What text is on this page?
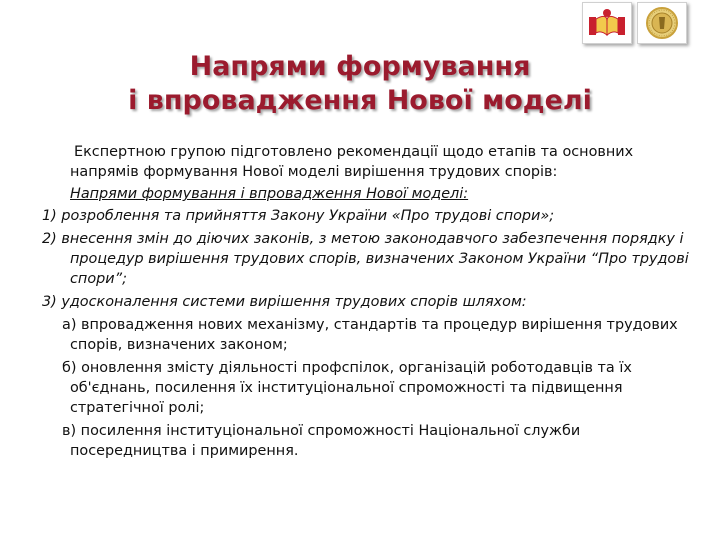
Напрями формування
і впровадження Нової моделі

Експертною групою підготовлено рекомендації щодо етапів та основних напрямів формування Нової моделі вирішення трудових спорів:

Напрями формування і впровадження Нової моделі:

1) розроблення та прийняття Закону України «Про трудові спори»;

2) внесення змін до діючих законів, з метою законодавчого забезпечення порядку і процедур вирішення трудових спорів, визначених Законом України “Про трудові спори”;

3) удосконалення системи вирішення трудових спорів шляхом:

а) впровадження нових механізму, стандартів та процедур вирішення трудових спорів, визначених законом;

б) оновлення змісту діяльності профспілок, організацій роботодавців та їх об'єднань, посилення їх інституціональної спроможності та підвищення стратегічної ролі;

в) посилення інституціональної спроможності Національної служби посередництва і примирення.
